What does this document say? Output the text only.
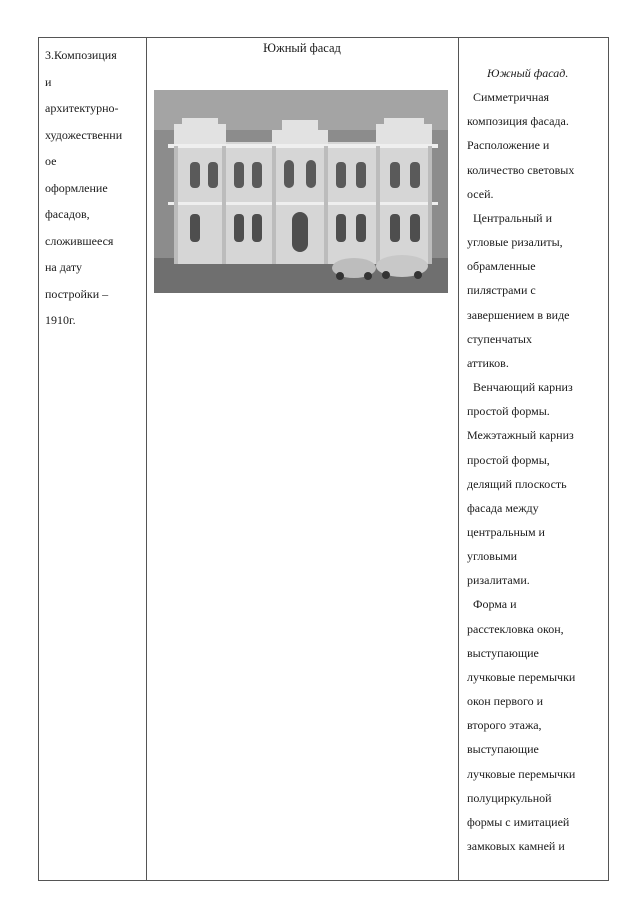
3.Композиция
и
архитектурно-
художественни
ое
оформление
фасадов,
сложившееся
на дату
постройки –
1910г.
Южный фасад
Южный фасад.
Симметричная
композиция фасада.
Расположение и
количество световых
осей.
Центральный и
угловые ризалиты,
обрамленные
пилястрами с
завершением в виде
ступенчатых
аттиков.
Венчающий карниз
простой формы.
Межэтажный карниз
простой формы,
делящий плоскость
фасада между
центральным и
угловыми
ризалитами.
Форма и
расстекловка окон,
выступающие
лучковые перемычки
окон первого и
второго этажа,
выступающие
лучковые перемычки
полуциркульной
формы с имитацией
замковых камней и
